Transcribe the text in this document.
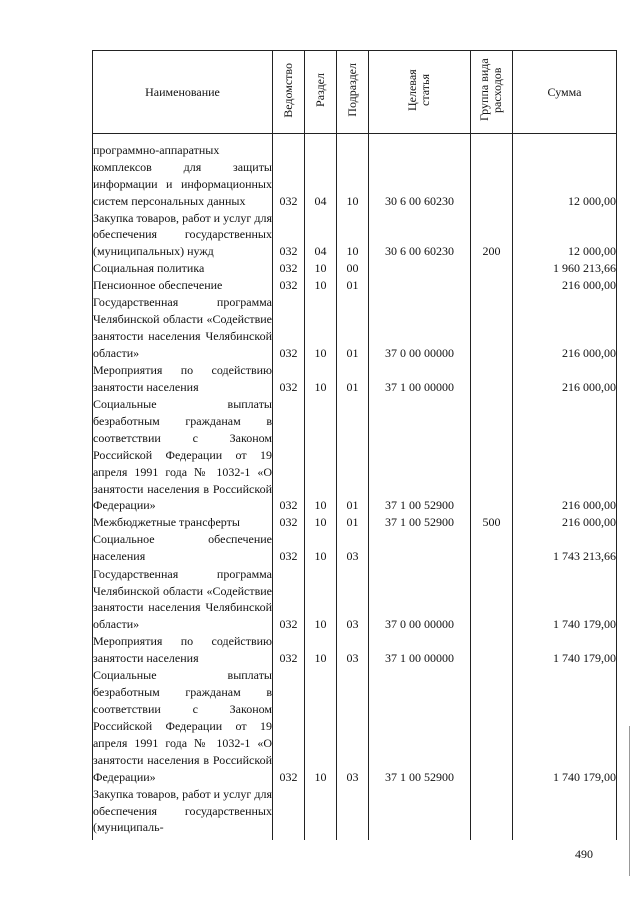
Наименование	Ведомство	Раздел	Подраздел	Целевая статья	Группа вида расходов	Сумма
программно-аппаратных комплексов для защиты информации и информационных систем персональных данных	032	04	10	30 6 00 60230		12 000,00
Закупка товаров, работ и услуг для обеспечения государственных (муниципальных) нужд	032	04	10	30 6 00 60230	200	12 000,00
Социальная политика	032	10	00			1 960 213,66
Пенсионное обеспечение	032	10	01			216 000,00
Государственная программа Челябинской области «Содействие занятости населения Челябинской области»	032	10	01	37 0 00 00000		216 000,00
Мероприятия по содействию занятости населения	032	10	01	37 1 00 00000		216 000,00
Социальные выплаты безработным гражданам в соответствии с Законом Российской Федерации от 19 апреля 1991 года № 1032-1 «О занятости населения в Российской Федерации»	032	10	01	37 1 00 52900		216 000,00
Межбюджетные трансферты	032	10	01	37 1 00 52900	500	216 000,00
Социальное обеспечение населения	032	10	03			1 743 213,66
Государственная программа Челябинской области «Содействие занятости населения Челябинской области»	032	10	03	37 0 00 00000		1 740 179,00
Мероприятия по содействию занятости населения	032	10	03	37 1 00 00000		1 740 179,00
Социальные выплаты безработным гражданам в соответствии с Законом Российской Федерации от 19 апреля 1991 года № 1032-1 «О занятости населения в Российской Федерации»	032	10	03	37 1 00 52900		1 740 179,00
Закупка товаров, работ и услуг для обеспечения государственных (муниципаль-						
490
